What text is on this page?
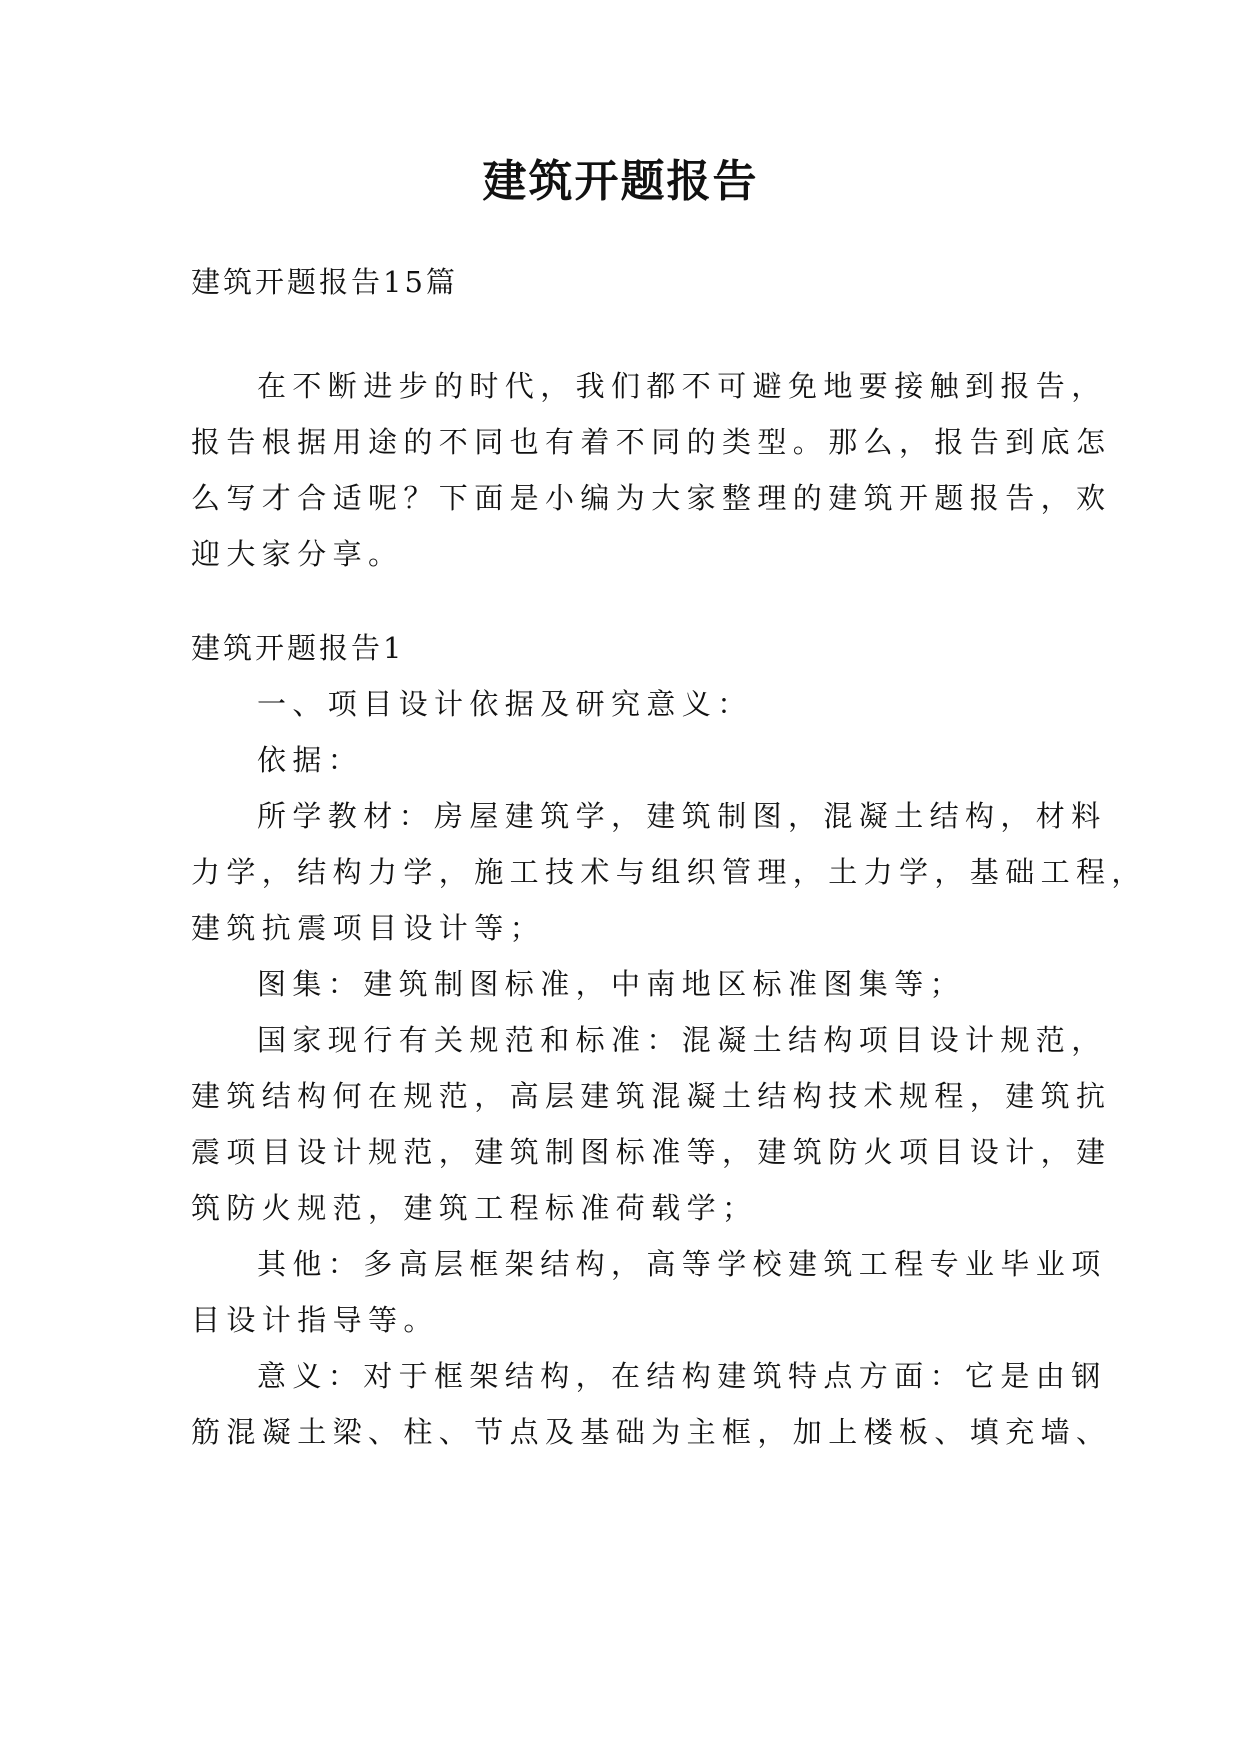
建筑开题报告
建筑开题报告15篇
在不断进步的时代，我们都不可避免地要接触到报告，
报告根据用途的不同也有着不同的类型。那么，报告到底怎
么写才合适呢？下面是小编为大家整理的建筑开题报告，欢
迎大家分享。
建筑开题报告1
一、项目设计依据及研究意义：
依据：
所学教材：房屋建筑学，建筑制图，混凝土结构，材料
力学，结构力学，施工技术与组织管理，土力学，基础工程，
建筑抗震项目设计等；
图集：建筑制图标准，中南地区标准图集等；
国家现行有关规范和标准：混凝土结构项目设计规范，
建筑结构何在规范，高层建筑混凝土结构技术规程，建筑抗
震项目设计规范，建筑制图标准等，建筑防火项目设计，建
筑防火规范，建筑工程标准荷载学；
其他：多高层框架结构，高等学校建筑工程专业毕业项
目设计指导等。
意义：对于框架结构，在结构建筑特点方面：它是由钢
筋混凝土梁、柱、节点及基础为主框，加上楼板、填充墙、
